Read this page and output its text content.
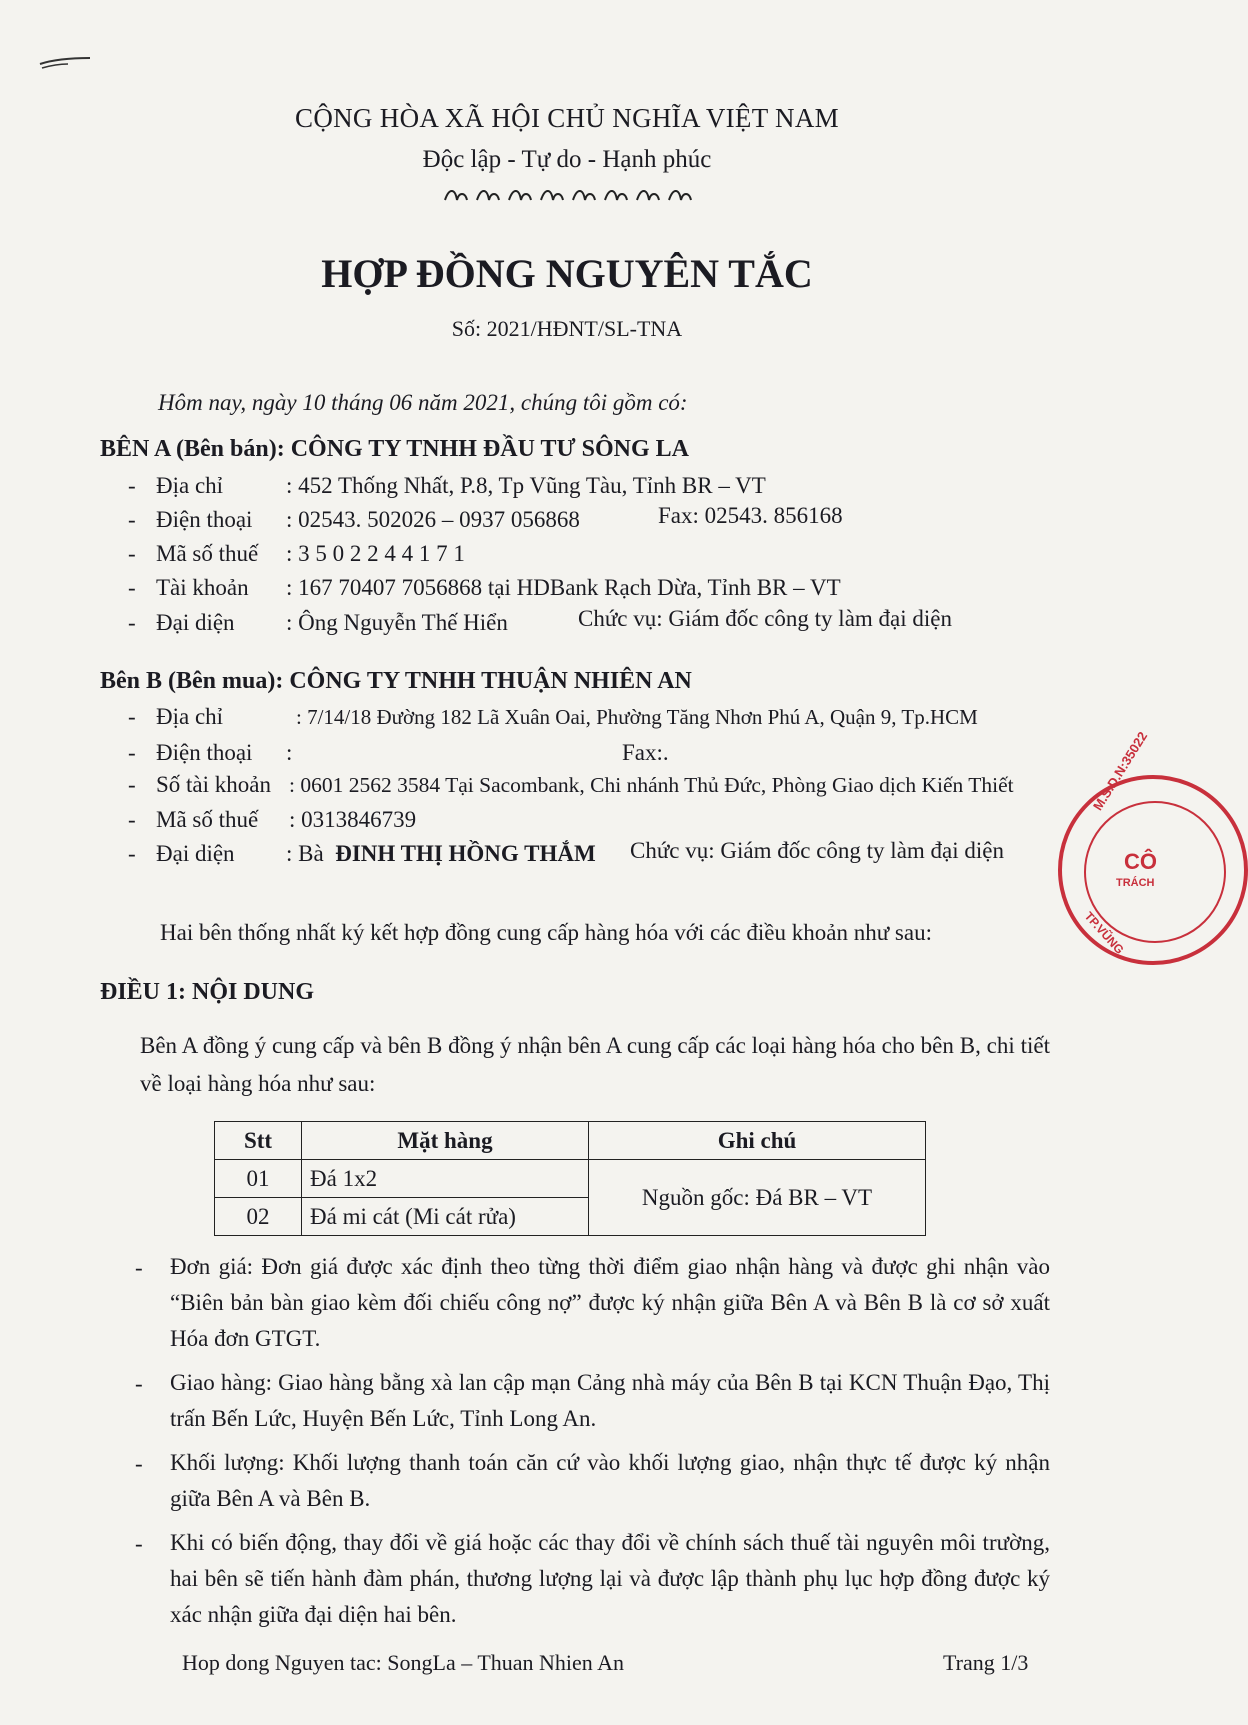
CỘNG HÒA XÃ HỘI CHỦ NGHĨA VIỆT NAM
Độc lập - Tự do - Hạnh phúc
HỢP ĐỒNG NGUYÊN TẮC
Số: 2021/HĐNT/SL-TNA
Hôm nay, ngày 10 tháng 06 năm 2021, chúng tôi gồm có:
BÊN A (Bên bán): CÔNG TY TNHH ĐẦU TƯ SÔNG LA
- Địa chỉ	: 452 Thống Nhất, P.8, Tp Vũng Tàu, Tỉnh BR – VT
- Điện thoại : 02543. 502026 – 0937 056868	Fax: 02543. 856168
- Mã số thuế : 3 5 0 2 2 4 4 1 7 1
- Tài khoản : 167 70407 7056868 tại HDBank Rạch Dừa, Tỉnh BR – VT
- Đại diện : Ông Nguyễn Thế Hiển	Chức vụ: Giám đốc công ty làm đại diện
Bên B (Bên mua): CÔNG TY TNHH THUẬN NHIÊN AN
- Địa chỉ	: 7/14/18 Đường 182 Lã Xuân Oai, Phường Tăng Nhơn Phú A, Quận 9, Tp.HCM
- Điện thoại :	Fax:.
- Số tài khoản : 0601 2562 3584 Tại Sacombank, Chi nhánh Thủ Đức, Phòng Giao dịch Kiến Thiết
- Mã số thuế : 0313846739
- Đại diện : Bà ĐINH THỊ HỒNG THẮM Chức vụ: Giám đốc công ty làm đại diện
Hai bên thống nhất ký kết hợp đồng cung cấp hàng hóa với các điều khoản như sau:
ĐIỀU 1: NỘI DUNG
Bên A đồng ý cung cấp và bên B đồng ý nhận bên A cung cấp các loại hàng hóa cho bên B, chi tiết về loại hàng hóa như sau:
Stt	Mặt hàng	Ghi chú
01	Đá 1x2	Nguồn gốc: Đá BR – VT
02	Đá mi cát (Mi cát rửa)	
- Đơn giá: Đơn giá được xác định theo từng thời điểm giao nhận hàng và được ghi nhận vào “Biên bản bàn giao kèm đối chiếu công nợ” được ký nhận giữa Bên A và Bên B là cơ sở xuất Hóa đơn GTGT.
- Giao hàng: Giao hàng bằng xà lan cập mạn Cảng nhà máy của Bên B tại KCN Thuận Đạo, Thị trấn Bến Lức, Huyện Bến Lức, Tỉnh Long An.
- Khối lượng: Khối lượng thanh toán căn cứ vào khối lượng giao, nhận thực tế được ký nhận giữa Bên A và Bên B.
- Khi có biến động, thay đổi về giá hoặc các thay đổi về chính sách thuế tài nguyên môi trường, hai bên sẽ tiến hành đàm phán, thương lượng lại và được lập thành phụ lục hợp đồng được ký xác nhận giữa đại diện hai bên.
Hop dong Nguyen tac: SongLa – Thuan Nhien An	Trang 1/3
M.S.D.N:35022
CÔ
TRÁCH
TP.VŨNG
